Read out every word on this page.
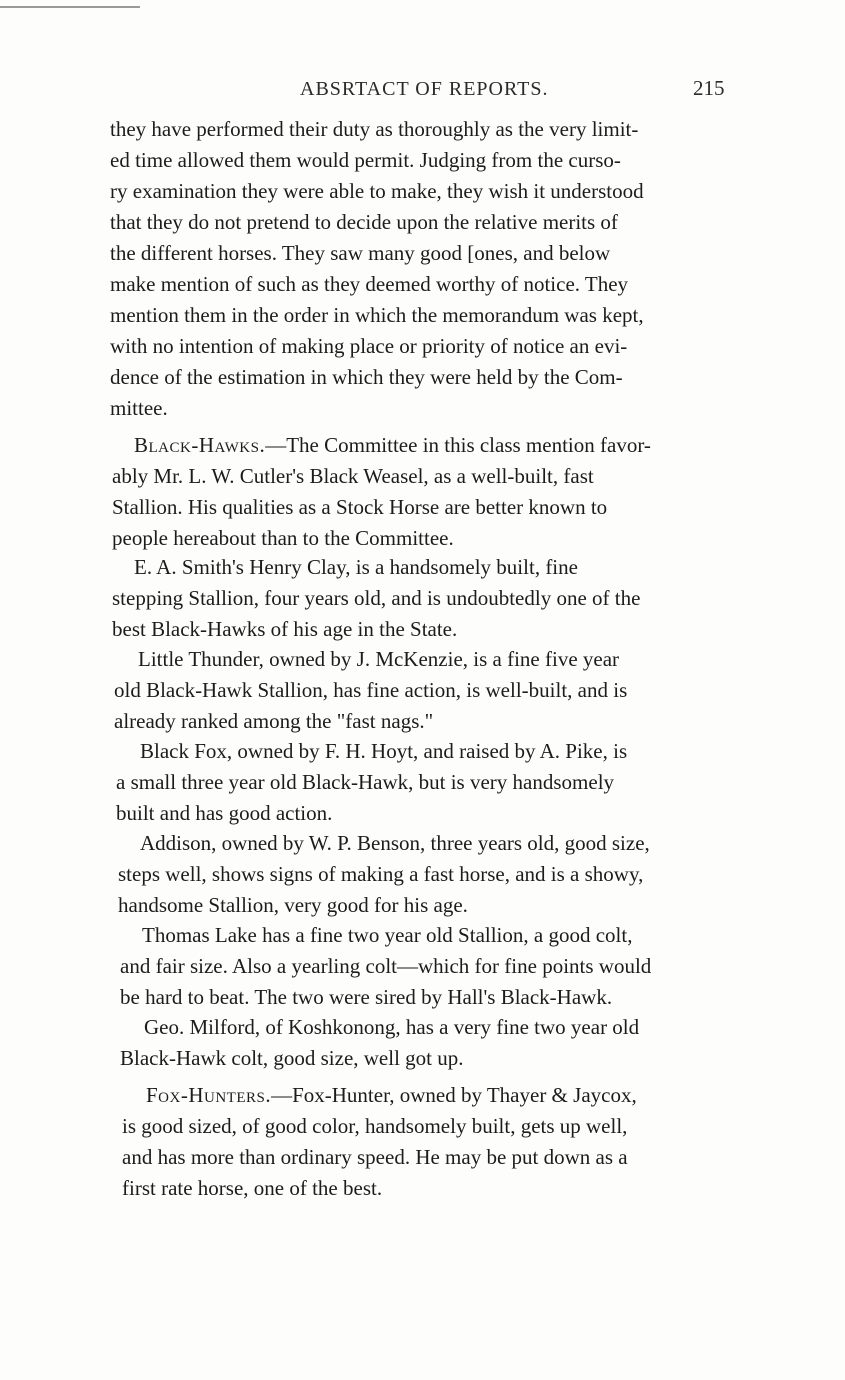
ABSRTACT OF REPORTS.	215
they have performed their duty as thoroughly as the very limit-
ed time allowed them would permit. Judging from the curso-
ry examination they were able to make, they wish it understood
that they do not pretend to decide upon the relative merits of
the different horses. They saw many good [ones, and below
make mention of such as they deemed worthy of notice. They
mention them in the order in which the memorandum was kept,
with no intention of making place or priority of notice an evi-
dence of the estimation in which they were held by the Com-
mittee.
Black-Hawks.—The Committee in this class mention favor-
ably Mr. L. W. Cutler's Black Weasel, as a well-built, fast
Stallion. His qualities as a Stock Horse are better known to
people hereabout than to the Committee.
E. A. Smith's Henry Clay, is a handsomely built, fine
stepping Stallion, four years old, and is undoubtedly one of the
best Black-Hawks of his age in the State.
Little Thunder, owned by J. McKenzie, is a fine five year
old Black-Hawk Stallion, has fine action, is well-built, and is
already ranked among the "fast nags."
Black Fox, owned by F. H. Hoyt, and raised by A. Pike, is
a small three year old Black-Hawk, but is very handsomely
built and has good action.
Addison, owned by W. P. Benson, three years old, good size,
steps well, shows signs of making a fast horse, and is a showy,
handsome Stallion, very good for his age.
Thomas Lake has a fine two year old Stallion, a good colt,
and fair size. Also a yearling colt—which for fine points would
be hard to beat. The two were sired by Hall's Black-Hawk.
Geo. Milford, of Koshkonong, has a very fine two year old
Black-Hawk colt, good size, well got up.
Fox-Hunters.—Fox-Hunter, owned by Thayer & Jaycox,
is good sized, of good color, handsomely built, gets up well,
and has more than ordinary speed. He may be put down as a
first rate horse, one of the best.
